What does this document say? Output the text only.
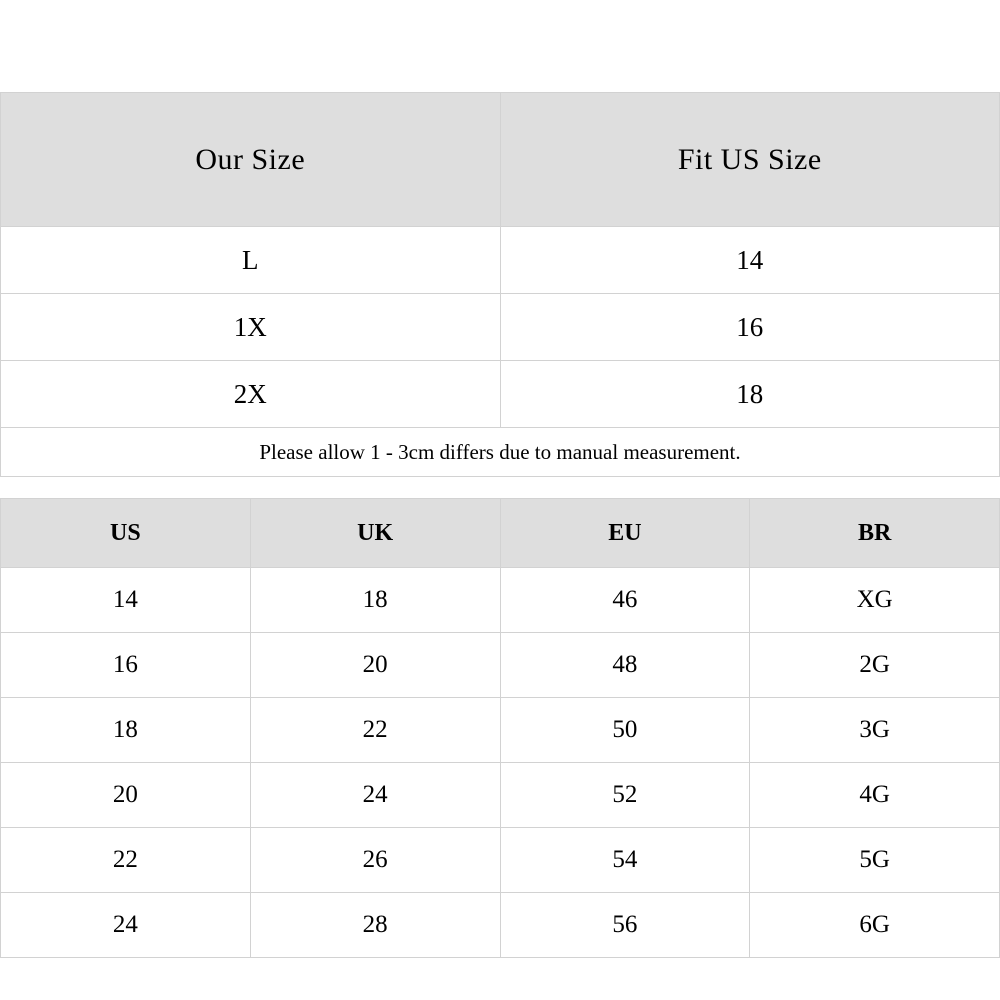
Our Size	Fit US Size
L	14
1X	16
2X	18
Please allow 1 - 3cm differs due to manual measurement.	
US	UK	EU	BR
14	18	46	XG
16	20	48	2G
18	22	50	3G
20	24	52	4G
22	26	54	5G
24	28	56	6G
